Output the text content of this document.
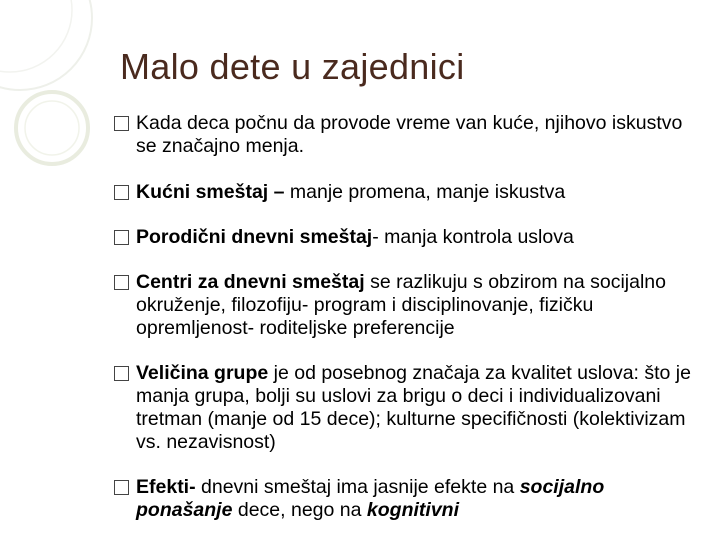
Malo dete u zajednici
Kada deca počnu da provode vreme van kuće, njihovo iskustvo se značajno menja.
Kućni smeštaj – manje promena, manje iskustva
Porodični dnevni smeštaj- manja kontrola uslova
Centri za dnevni smeštaj se razlikuju s obzirom na socijalno okruženje, filozofiju- program i disciplinovanje, fizičku opremljenost- roditeljske preferencije
Veličina grupe je od posebnog značaja za kvalitet uslova: što je manja grupa, bolji su uslovi za brigu o deci i individualizovani tretman (manje od 15 dece); kulturne specifičnosti (kolektivizam vs. nezavisnost)
Efekti- dnevni smeštaj ima jasnije efekte na socijalno ponašanje dece, nego na kognitivni
